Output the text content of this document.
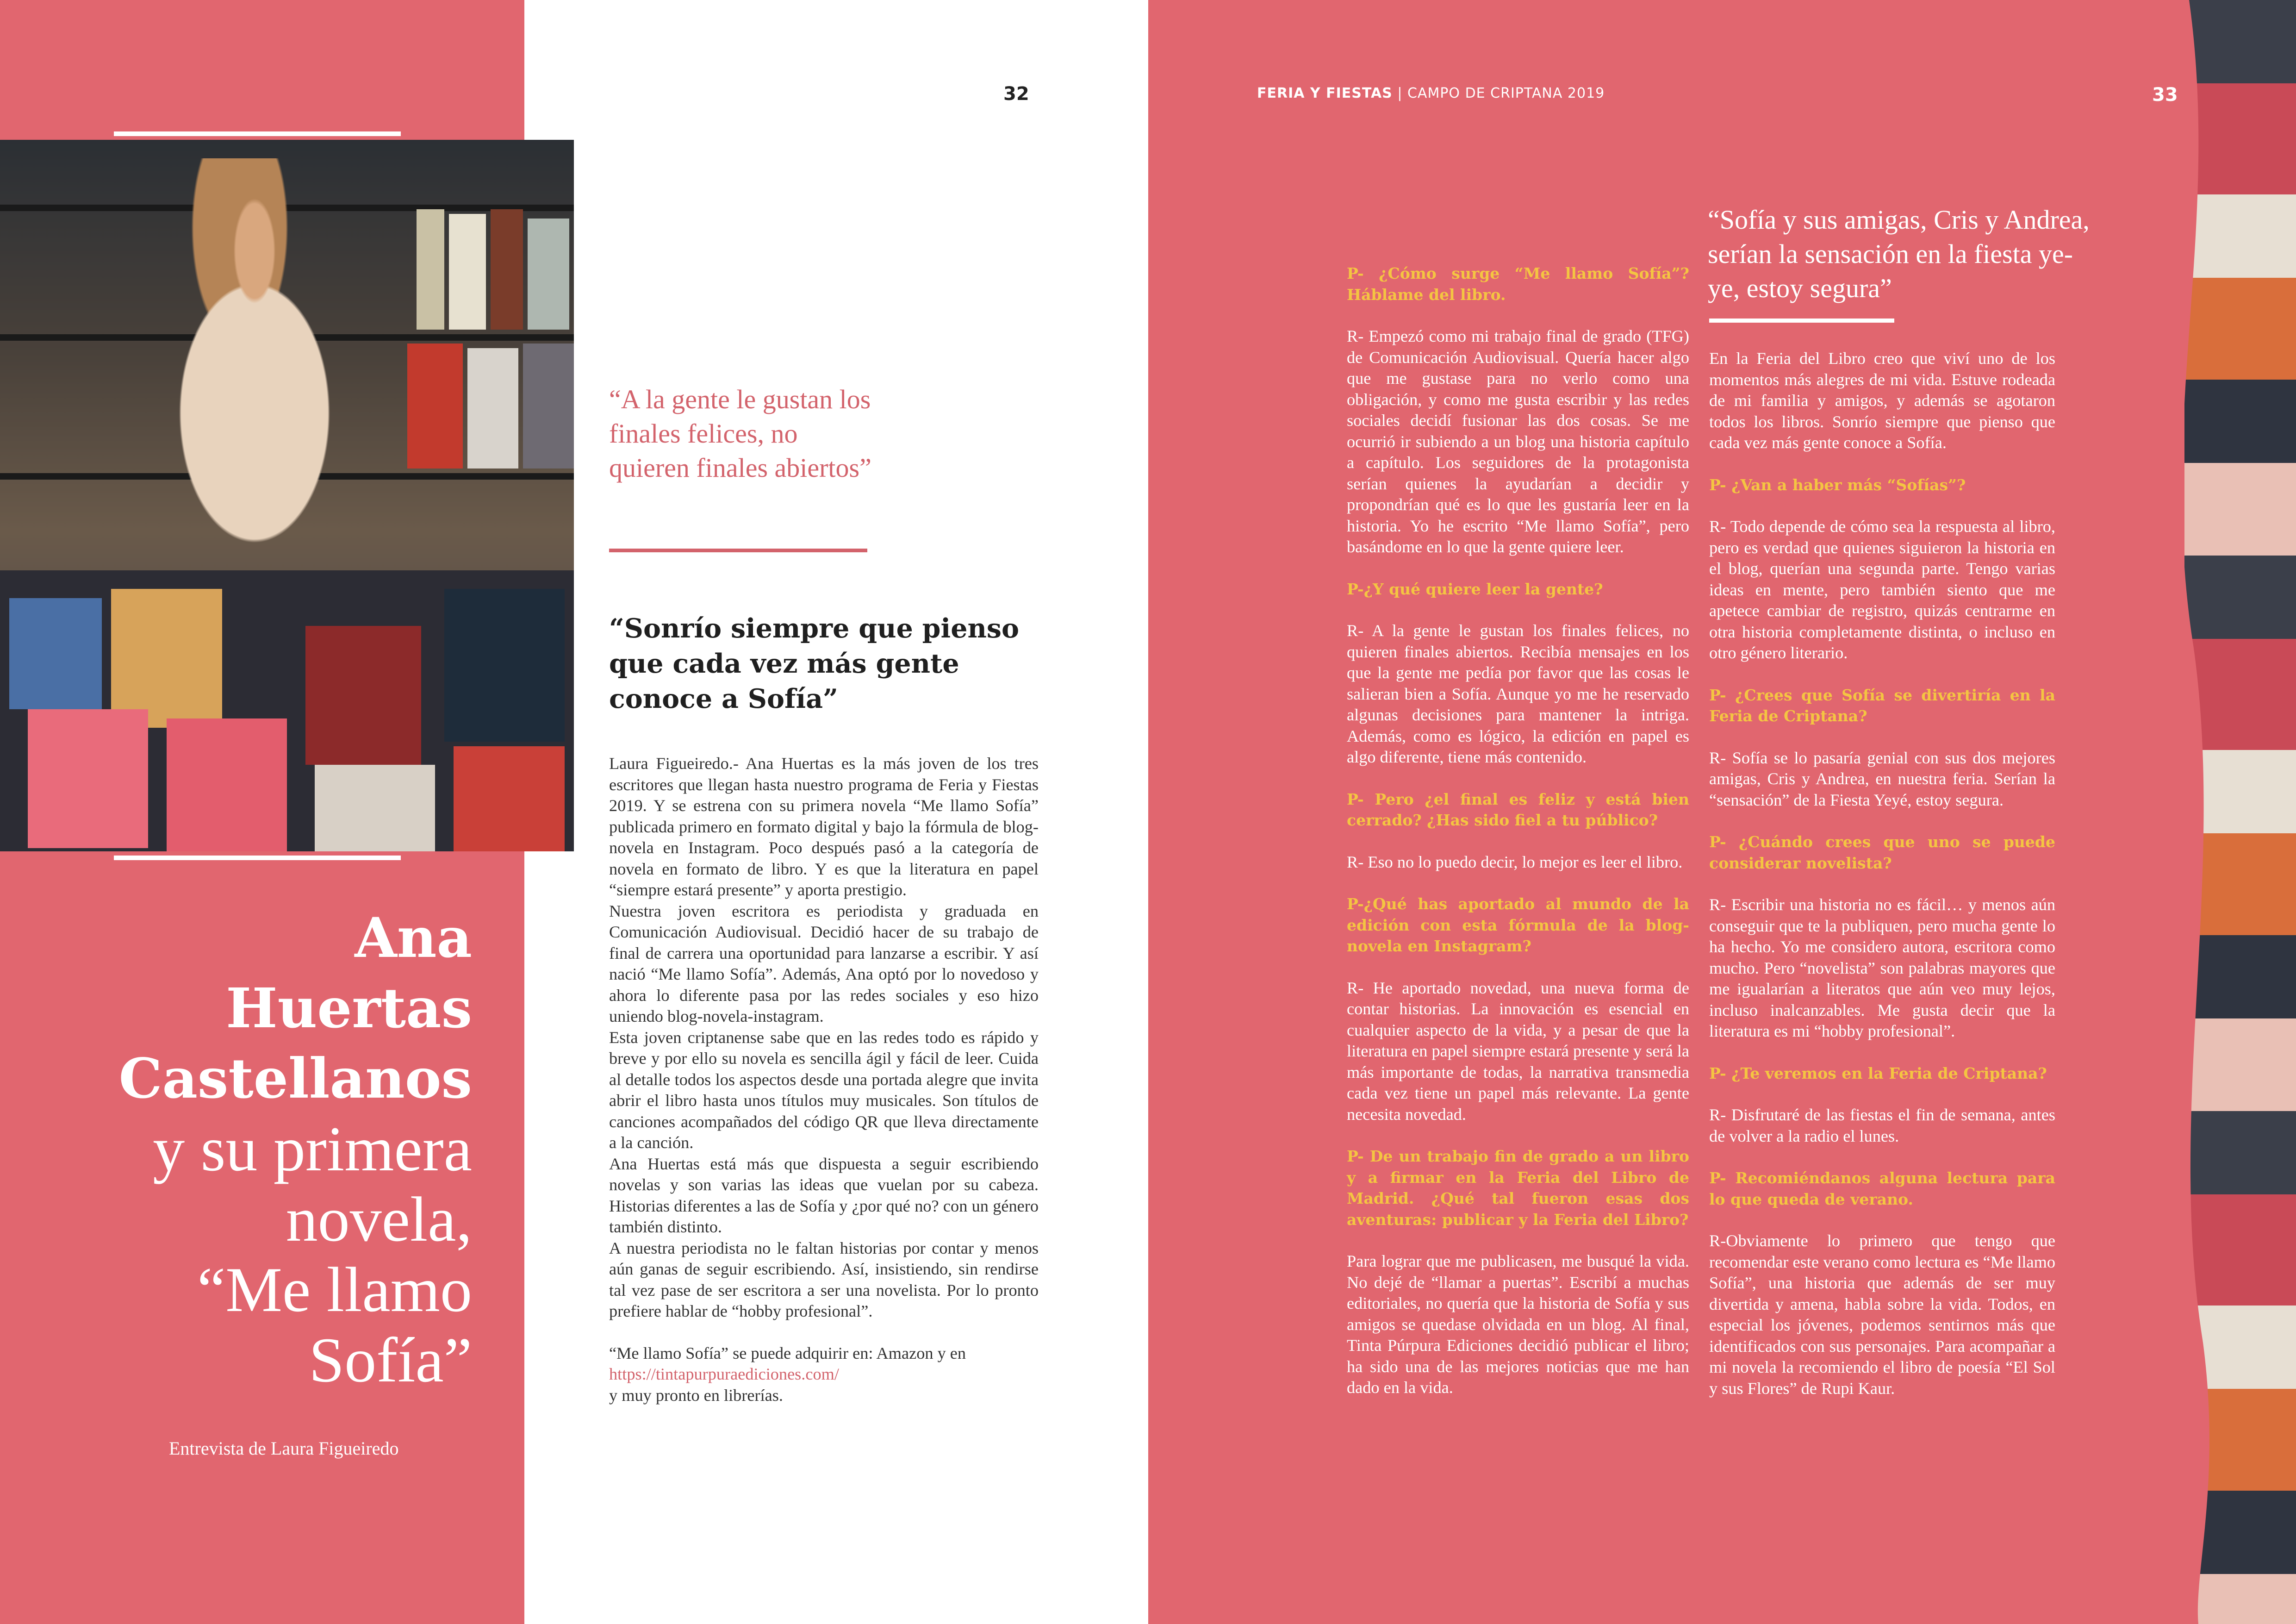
32
“A la gente le gustan los finales felices, no quieren finales abiertos”
“Sonrío siempre que pienso que cada vez más gente conoce a Sofía”
Laura Figueiredo.- Ana Huertas es la más joven de los tres escritores que llegan hasta nuestro programa de Feria y Fiestas 2019. Y se estrena con su primera novela “Me llamo Sofía” publicada primero en formato digital y bajo la fórmula de blog-novela en Instagram. Poco después pasó a la categoría de novela en formato de libro. Y es que la literatura en papel “siempre estará presente” y aporta prestigio.
Nuestra joven escritora es periodista y graduada en Comunicación Audiovisual. Decidió hacer de su trabajo de final de carrera una oportunidad para lanzarse a escribir. Y así nació “Me llamo Sofía”. Además, Ana optó por lo novedoso y ahora lo diferente pasa por las redes sociales y eso hizo uniendo blog-novela-instagram.
Esta joven criptanense sabe que en las redes todo es rápido y breve y por ello su novela es sencilla ágil y fácil de leer. Cuida al detalle todos los aspectos desde una portada alegre que invita abrir el libro hasta unos títulos muy musicales. Son títulos de canciones acompañados del código QR que lleva directamente a la canción.
Ana Huertas está más que dispuesta a seguir escribiendo novelas y son varias las ideas que vuelan por su cabeza. Historias diferentes a las de Sofía y ¿por qué no? con un género también distinto.
A nuestra periodista no le faltan historias por contar y menos aún ganas de seguir escribiendo. Así, insistiendo, sin rendirse tal vez pase de ser escritora a ser una novelista. Por lo pronto prefiere hablar de “hobby profesional”.
“Me llamo Sofía” se puede adquirir en: Amazon y en
https://tintapurpuraediciones.com/
y muy pronto en librerías.
Ana
Huertas
Castellanos
y su primera
novela,
“Me llamo
Sofía”
Entrevista de Laura Figueiredo
FERIA Y FIESTAS | CAMPO DE CRIPTANA 2019	33
“Sofía y sus amigas, Cris y Andrea, serían la sensación en la fiesta ye-ye, estoy segura”

P- ¿Cómo surge “Me llamo Sofía”? Háblame del libro.

R- Empezó como mi trabajo final de grado (TFG) de Comunicación Audiovisual. Quería hacer algo que me gustase para no verlo como una obligación, y como me gusta escribir y las redes sociales decidí fusionar las dos cosas. Se me ocurrió ir subiendo a un blog una historia capítulo a capítulo. Los seguidores de la protagonista serían quienes la ayudarían a decidir y propondrían qué es lo que les gustaría leer en la historia. Yo he escrito “Me llamo Sofía”, pero basándome en lo que la gente quiere leer.

P-¿Y qué quiere leer la gente?

R- A la gente le gustan los finales felices, no quieren finales abiertos. Recibía mensajes en los que la gente me pedía por favor que las cosas le salieran bien a Sofía. Aunque yo me he reservado algunas decisiones para mantener la intriga. Además, como es lógico, la edición en papel es algo diferente, tiene más contenido.

P- Pero ¿el final es feliz y está bien cerrado? ¿Has sido fiel a tu público?

R- Eso no lo puedo decir, lo mejor es leer el libro.

P-¿Qué has aportado al mundo de la edición con esta fórmula de la blog-novela en Instagram?

R- He aportado novedad, una nueva forma de contar historias. La innovación es esencial en cualquier aspecto de la vida, y a pesar de que la literatura en papel siempre estará presente y será la más importante de todas, la narrativa transmedia cada vez tiene un papel más relevante. La gente necesita novedad.

P- De un trabajo fin de grado a un libro y a firmar en la Feria del Libro de Madrid. ¿Qué tal fueron esas dos aventuras: publicar y la Feria del Libro?

Para lograr que me publicasen, me busqué la vida. No dejé de “llamar a puertas”. Escribí a muchas editoriales, no quería que la historia de Sofía y sus amigos se quedase olvidada en un blog. Al final, Tinta Púrpura Ediciones decidió publicar el libro; ha sido una de las mejores noticias que me han dado en la vida.

En la Feria del Libro creo que viví uno de los momentos más alegres de mi vida. Estuve rodeada de mi familia y amigos, y además se agotaron todos los libros. Sonrío siempre que pienso que cada vez más gente conoce a Sofía.

P- ¿Van a haber más “Sofías”?

R- Todo depende de cómo sea la respuesta al libro, pero es verdad que quienes siguieron la historia en el blog, querían una segunda parte. Tengo varias ideas en mente, pero también siento que me apetece cambiar de registro, quizás centrarme en otra historia completamente distinta, o incluso en otro género literario.

P- ¿Crees que Sofía se divertiría en la Feria de Criptana?

R- Sofía se lo pasaría genial con sus dos mejores amigas, Cris y Andrea, en nuestra feria. Serían la “sensación” de la Fiesta Yeyé, estoy segura.

P- ¿Cuándo crees que uno se puede considerar novelista?

R- Escribir una historia no es fácil… y menos aún conseguir que te la publiquen, pero mucha gente lo ha hecho. Yo me considero autora, escritora como mucho. Pero “novelista” son palabras mayores que me igualarían a literatos que aún veo muy lejos, incluso inalcanzables. Me gusta decir que la literatura es mi “hobby profesional”.

P- ¿Te veremos en la Feria de Criptana?

R- Disfrutaré de las fiestas el fin de semana, antes de volver a la radio el lunes.

P- Recomiéndanos alguna lectura para lo que queda de verano.

R-Obviamente lo primero que tengo que recomendar este verano como lectura es “Me llamo Sofía”, una historia que además de ser muy divertida y amena, habla sobre la vida. Todos, en especial los jóvenes, podemos sentirnos más que identificados con sus personajes. Para acompañar a mi novela la recomiendo el libro de poesía “El Sol y sus Flores” de Rupi Kaur.
